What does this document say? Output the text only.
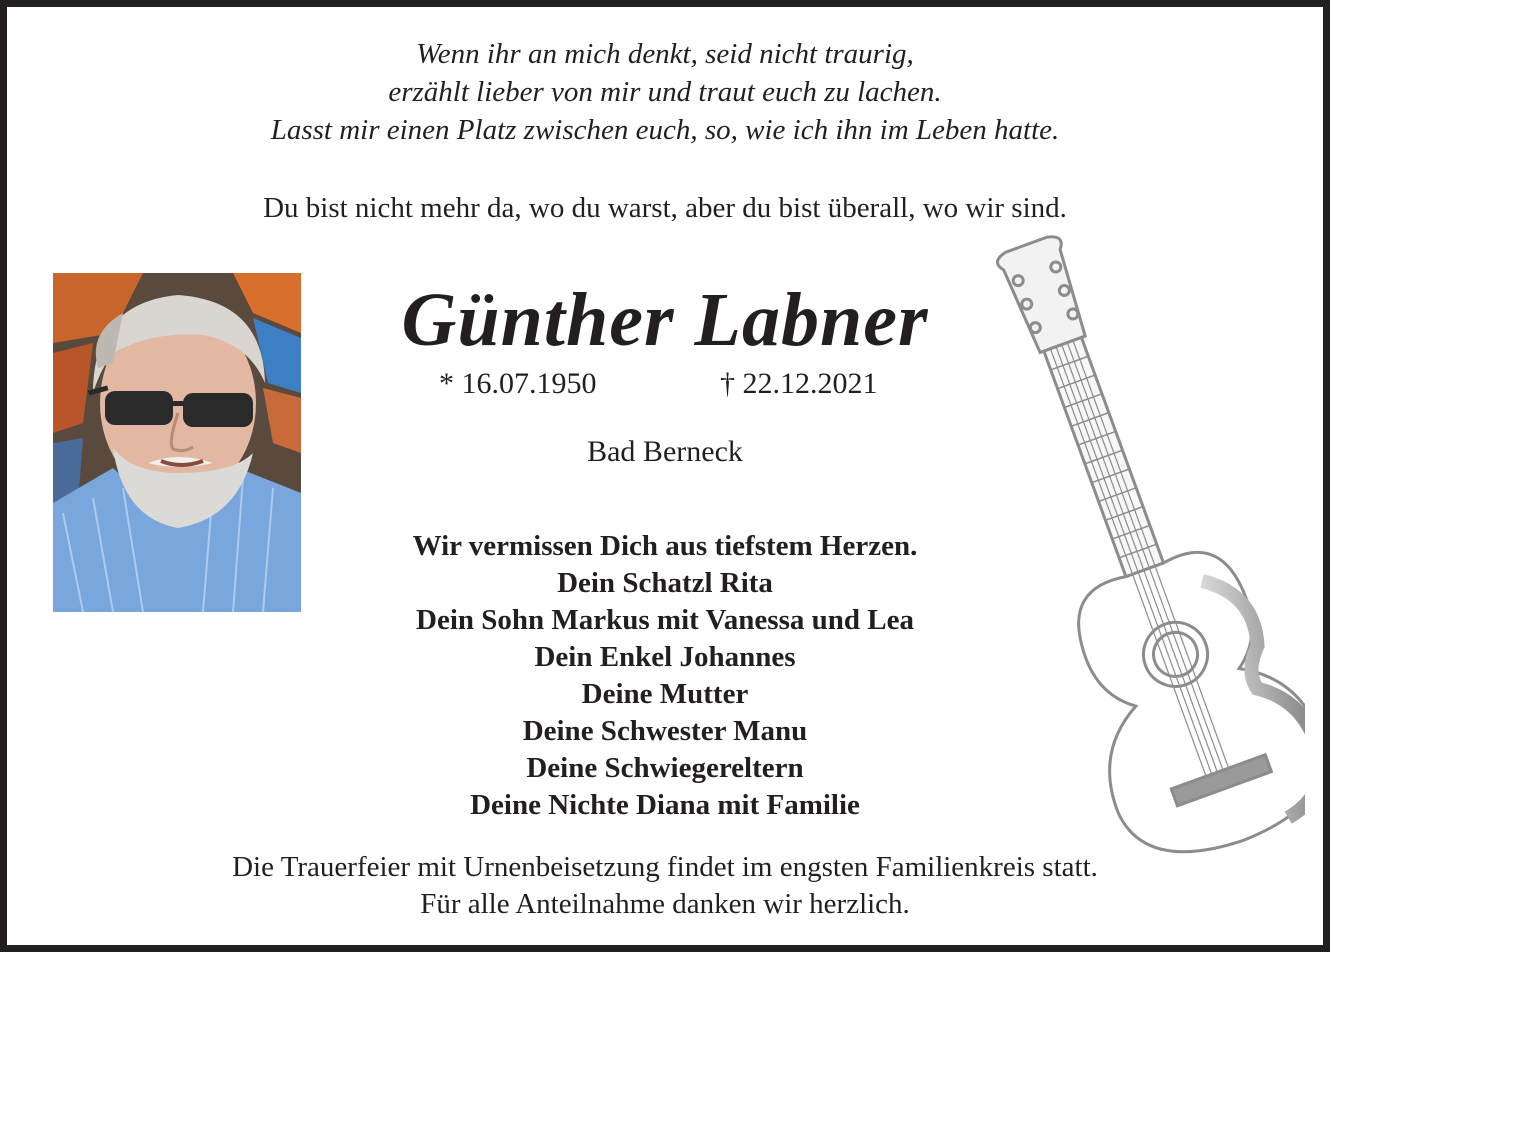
Wenn ihr an mich denkt, seid nicht traurig,
erzählt lieber von mir und traut euch zu lachen.
Lasst mir einen Platz zwischen euch, so, wie ich ihn im Leben hatte.
Du bist nicht mehr da, wo du warst, aber du bist überall, wo wir sind.
Günther Labner
* 16.07.1950	† 22.12.2021
Bad Berneck
Wir vermissen Dich aus tiefstem Herzen.
Dein Schatzl Rita
Dein Sohn Markus mit Vanessa und Lea
Dein Enkel Johannes
Deine Mutter
Deine Schwester Manu
Deine Schwiegereltern
Deine Nichte Diana mit Familie
Die Trauerfeier mit Urnenbeisetzung findet im engsten Familienkreis statt.
Für alle Anteilnahme danken wir herzlich.
